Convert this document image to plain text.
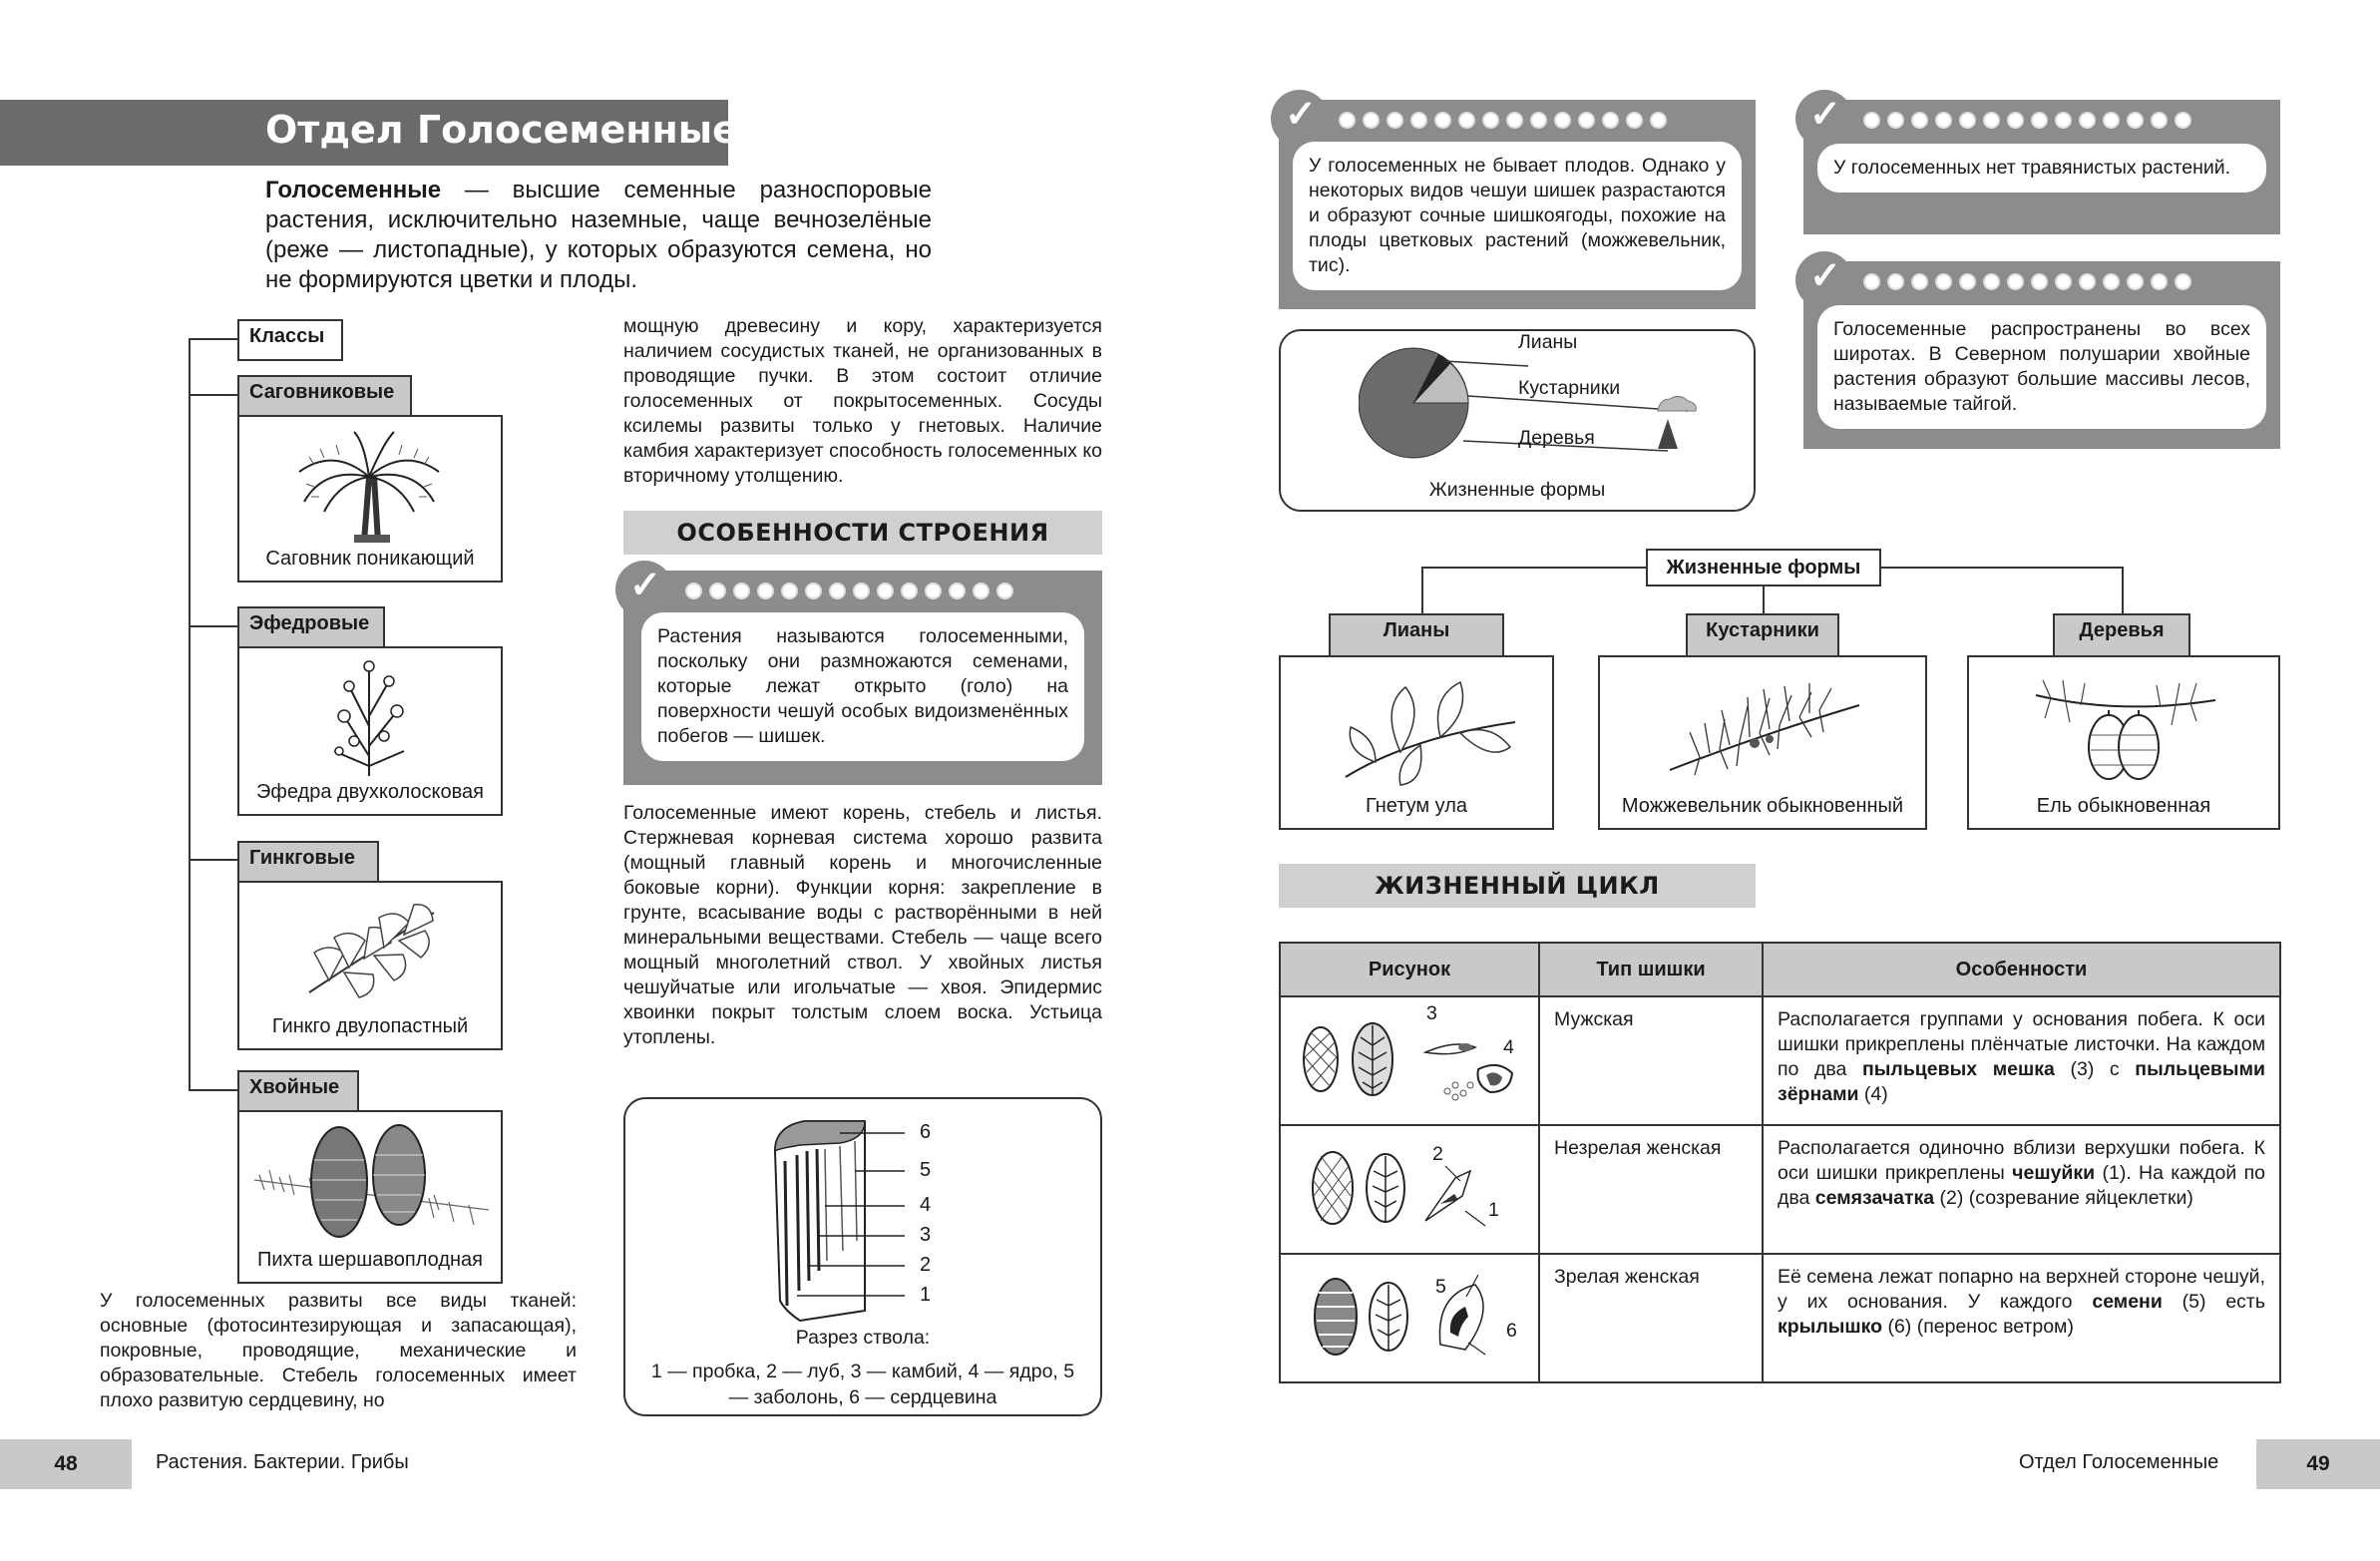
Отдел Голосеменные

Голосеменные — высшие семенные разноспоровые растения, исключительно наземные, чаще вечнозелёные (реже — листопадные), у которых образуются семена, но не формируются цветки и плоды.

Классы
Саговниковые
Саговник поникающий
Эфедровые
Эфедра двухколосковая
Гинкговые
Гинкго двулопастный
Хвойные
Пихта шершавоплодная

У голосеменных развиты все виды тканей: основные (фотосинтезирующая и запасающая), покровные, проводящие, механические и образовательные. Стебель голосеменных имеет плохо развитую сердцевину, но

мощную древесину и кору, характеризуется наличием сосудистых тканей, не организованных в проводящие пучки. В этом состоит отличие голосеменных от покрытосеменных. Сосуды ксилемы развиты только у гнетовых. Наличие камбия характеризует способность голосеменных ко вторичному утолщению.

ОСОБЕННОСТИ СТРОЕНИЯ
✓

Растения называются голосеменными, поскольку они размножаются семенами, которые лежат открыто (голо) на поверхности чешуй особых видоизменённых побегов — шишек.

Голосеменные имеют корень, стебель и листья. Стержневая корневая система хорошо развита (мощный главный корень и многочисленные боковые корни). Функции корня: закрепление в грунте, всасывание воды с растворёнными в ней минеральными веществами. Стебель — чаще всего мощный многолетний ствол. У хвойных листья чешуйчатые или игольчатые — хвоя. Эпидермис хвоинки покрыт толстым слоем воска. Устьица утоплены.

6
5
4
3
2
1
Разрез ствола:
1 — пробка, 2 — луб, 3 — камбий, 4 — ядро, 5 — заболонь, 6 — сердцевина
48	Растения. Бактерии. Грибы
✓

У голосеменных не бывает плодов. Однако у некоторых видов чешуи шишек разрастаются и образуют сочные шишкоягоды, похожие на плоды цветковых растений (можжевельник, тис).

✓

У голосеменных нет травянистых растений.

✓

Голосеменные распространены во всех широтах. В Северном полушарии хвойные растения образуют большие массивы лесов, называемые тайгой.

Лианы
Кустарники
Деревья
Жизненные формы
Жизненные формы
Лианы
Гнетум ула
Кустарники
Можжевельник обыкновенный
Деревья
Ель обыкновенная
ЖИЗНЕННЫЙ ЦИКЛ
Рисунок	Тип шишки	Особенности

3
4	Мужская	Располагается группами у основания побега. К оси шишки прикреплены плёнчатые листочки. На каждом по два пыльцевых мешка (3) с пыльцевыми зёрнами (4)

2
1	Незрелая женская	Располагается одиночно вблизи верхушки побега. К оси шишки прикреплены чешуйки (1). На каждой по два семязачатка (2) (созревание яйцеклетки)

5
6	Зрелая женская	Её семена лежат попарно на верхней стороне чешуй, у их основания. У каждого семени (5) есть крылышко (6) (перенос ветром)
Отдел Голосеменные	49
